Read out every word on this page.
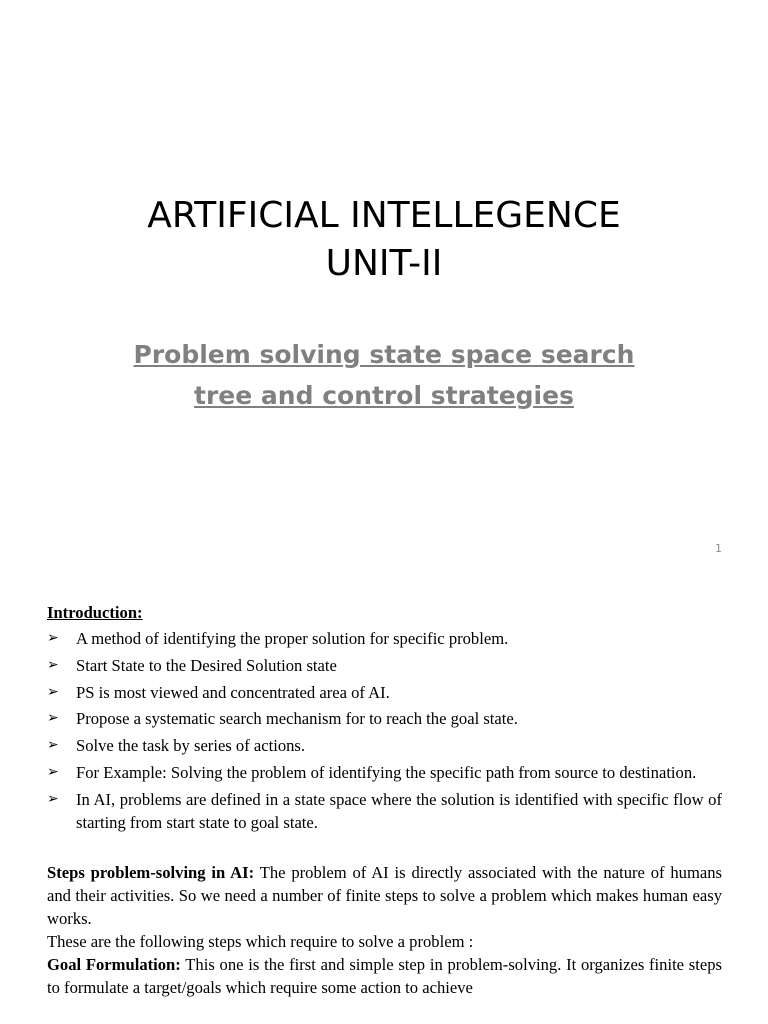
ARTIFICIAL INTELLEGENCE
UNIT-II
Problem solving state space search
tree and control strategies
1
Introduction:
➢	A method of identifying the proper solution for specific problem.
➢	Start State to the Desired Solution state
➢	PS is most viewed and concentrated area of AI.
➢	Propose a systematic search mechanism for to reach the goal state.
➢	Solve the task by series of actions.
➢	For Example: Solving the problem of identifying the specific path from source to destination.
➢	In AI, problems are defined in a state space where the solution is identified with specific flow of starting from start state to goal state.

Steps problem-solving in AI: The problem of AI is directly associated with the nature of humans and their activities. So we need a number of finite steps to solve a problem which makes human easy works.

These are the following steps which require to solve a problem :

Goal Formulation: This one is the first and simple step in problem-solving. It organizes finite steps to formulate a target/goals which require some action to achieve
